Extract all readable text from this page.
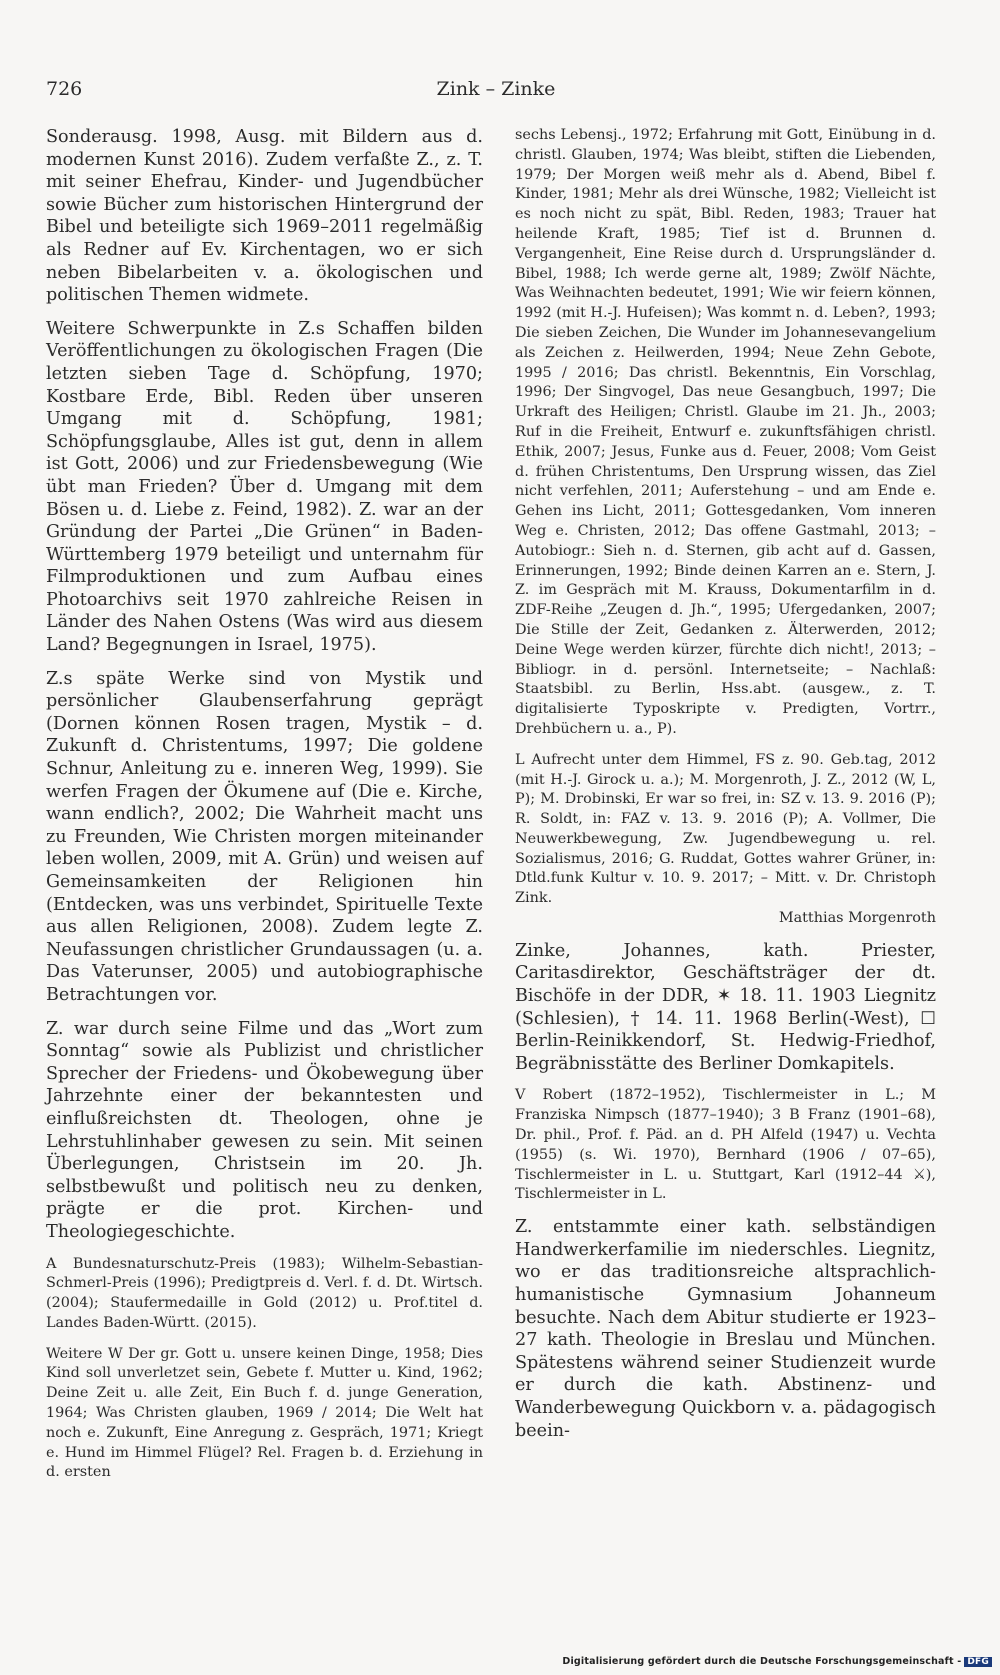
726	Zink – Zinke

Sonderausg. 1998, Ausg. mit Bildern aus d. modernen Kunst 2016). Zudem verfaßte Z., z. T. mit seiner Ehefrau, Kinder- und Jugendbücher sowie Bücher zum historischen Hintergrund der Bibel und beteiligte sich 1969–2011 regelmäßig als Redner auf Ev. Kirchentagen, wo er sich neben Bibelarbeiten v. a. ökologischen und politischen Themen widmete.

Weitere Schwerpunkte in Z.s Schaffen bilden Veröffentlichungen zu ökologischen Fragen (Die letzten sieben Tage d. Schöpfung, 1970; Kostbare Erde, Bibl. Reden über unseren Umgang mit d. Schöpfung, 1981; Schöpfungsglaube, Alles ist gut, denn in allem ist Gott, 2006) und zur Friedensbewegung (Wie übt man Frieden? Über d. Umgang mit dem Bösen u. d. Liebe z. Feind, 1982). Z. war an der Gründung der Partei „Die Grünen“ in Baden-Württemberg 1979 beteiligt und unternahm für Filmproduktionen und zum Aufbau eines Photoarchivs seit 1970 zahlreiche Reisen in Länder des Nahen Ostens (Was wird aus diesem Land? Begegnungen in Israel, 1975).

Z.s späte Werke sind von Mystik und persönlicher Glaubenserfahrung geprägt (Dornen können Rosen tragen, Mystik – d. Zukunft d. Christentums, 1997; Die goldene Schnur, Anleitung zu e. inneren Weg, 1999). Sie werfen Fragen der Ökumene auf (Die e. Kirche, wann endlich?, 2002; Die Wahrheit macht uns zu Freunden, Wie Christen morgen miteinander leben wollen, 2009, mit A. Grün) und weisen auf Gemeinsamkeiten der Religionen hin (Entdecken, was uns verbindet, Spirituelle Texte aus allen Religionen, 2008). Zudem legte Z. Neufassungen christlicher Grundaussagen (u. a. Das Vaterunser, 2005) und autobiographische Betrachtungen vor.

Z. war durch seine Filme und das „Wort zum Sonntag“ sowie als Publizist und christlicher Sprecher der Friedens- und Ökobewegung über Jahrzehnte einer der bekanntesten und einflußreichsten dt. Theologen, ohne je Lehrstuhlinhaber gewesen zu sein. Mit seinen Überlegungen, Christsein im 20. Jh. selbstbewußt und politisch neu zu denken, prägte er die prot. Kirchen- und Theologiegeschichte.

A Bundesnaturschutz-Preis (1983); Wilhelm-Sebastian-Schmerl-Preis (1996); Predigtpreis d. Verl. f. d. Dt. Wirtsch. (2004); Staufermedaille in Gold (2012) u. Prof.titel d. Landes Baden-Württ. (2015).

Weitere W Der gr. Gott u. unsere keinen Dinge, 1958; Dies Kind soll unverletzet sein, Gebete f. Mutter u. Kind, 1962; Deine Zeit u. alle Zeit, Ein Buch f. d. junge Generation, 1964; Was Christen glauben, 1969 / 2014; Die Welt hat noch e. Zukunft, Eine Anregung z. Gespräch, 1971; Kriegt e. Hund im Himmel Flügel? Rel. Fragen b. d. Erziehung in d. ersten

sechs Lebensj., 1972; Erfahrung mit Gott, Einübung in d. christl. Glauben, 1974; Was bleibt, stiften die Liebenden, 1979; Der Morgen weiß mehr als d. Abend, Bibel f. Kinder, 1981; Mehr als drei Wünsche, 1982; Vielleicht ist es noch nicht zu spät, Bibl. Reden, 1983; Trauer hat heilende Kraft, 1985; Tief ist d. Brunnen d. Vergangenheit, Eine Reise durch d. Ursprungsländer d. Bibel, 1988; Ich werde gerne alt, 1989; Zwölf Nächte, Was Weihnachten bedeutet, 1991; Wie wir feiern können, 1992 (mit H.-J. Hufeisen); Was kommt n. d. Leben?, 1993; Die sieben Zeichen, Die Wunder im Johannesevangelium als Zeichen z. Heilwerden, 1994; Neue Zehn Gebote, 1995 / 2016; Das christl. Bekenntnis, Ein Vorschlag, 1996; Der Singvogel, Das neue Gesangbuch, 1997; Die Urkraft des Heiligen; Christl. Glaube im 21. Jh., 2003; Ruf in die Freiheit, Entwurf e. zukunftsfähigen christl. Ethik, 2007; Jesus, Funke aus d. Feuer, 2008; Vom Geist d. frühen Christentums, Den Ursprung wissen, das Ziel nicht verfehlen, 2011; Auferstehung – und am Ende e. Gehen ins Licht, 2011; Gottesgedanken, Vom inneren Weg e. Christen, 2012; Das offene Gastmahl, 2013; – Autobiogr.: Sieh n. d. Sternen, gib acht auf d. Gassen, Erinnerungen, 1992; Binde deinen Karren an e. Stern, J. Z. im Gespräch mit M. Krauss, Dokumentarfilm in d. ZDF-Reihe „Zeugen d. Jh.“, 1995; Ufergedanken, 2007; Die Stille der Zeit, Gedanken z. Älterwerden, 2012; Deine Wege werden kürzer, fürchte dich nicht!, 2013; – Bibliogr. in d. persönl. Internetseite; – Nachlaß: Staatsbibl. zu Berlin, Hss.abt. (ausgew., z. T. digitalisierte Typoskripte v. Predigten, Vortrr., Drehbüchern u. a., P).

L Aufrecht unter dem Himmel, FS z. 90. Geb.tag, 2012 (mit H.-J. Girock u. a.); M. Morgenroth, J. Z., 2012 (W, L, P); M. Drobinski, Er war so frei, in: SZ v. 13. 9. 2016 (P); R. Soldt, in: FAZ v. 13. 9. 2016 (P); A. Vollmer, Die Neuwerkbewegung, Zw. Jugendbewegung u. rel. Sozialismus, 2016; G. Ruddat, Gottes wahrer Grüner, in: Dtld.funk Kultur v. 10. 9. 2017; – Mitt. v. Dr. Christoph Zink.

Matthias Morgenroth

Zinke, Johannes, kath. Priester, Caritasdirektor, Geschäftsträger der dt. Bischöfe in der DDR, ✶ 18. 11. 1903 Liegnitz (Schlesien), † 14. 11. 1968 Berlin(-West), ☐ Berlin-Reinikkendorf, St. Hedwig-Friedhof, Begräbnisstätte des Berliner Domkapitels.

V Robert (1872–1952), Tischlermeister in L.; M Franziska Nimpsch (1877–1940); 3 B Franz (1901–68), Dr. phil., Prof. f. Päd. an d. PH Alfeld (1947) u. Vechta (1955) (s. Wi. 1970), Bernhard (1906 / 07–65), Tischlermeister in L. u. Stuttgart, Karl (1912–44 ⚔), Tischlermeister in L.

Z. entstammte einer kath. selbständigen Handwerkerfamilie im niederschles. Liegnitz, wo er das traditionsreiche altsprachlich-humanistische Gymnasium Johanneum besuchte. Nach dem Abitur studierte er 1923–27 kath. Theologie in Breslau und München. Spätestens während seiner Studienzeit wurde er durch die kath. Abstinenz- und Wanderbewegung Quickborn v. a. pädagogisch beein-

Digitalisierung gefördert durch die Deutsche Forschungsgemeinschaft - DFG
